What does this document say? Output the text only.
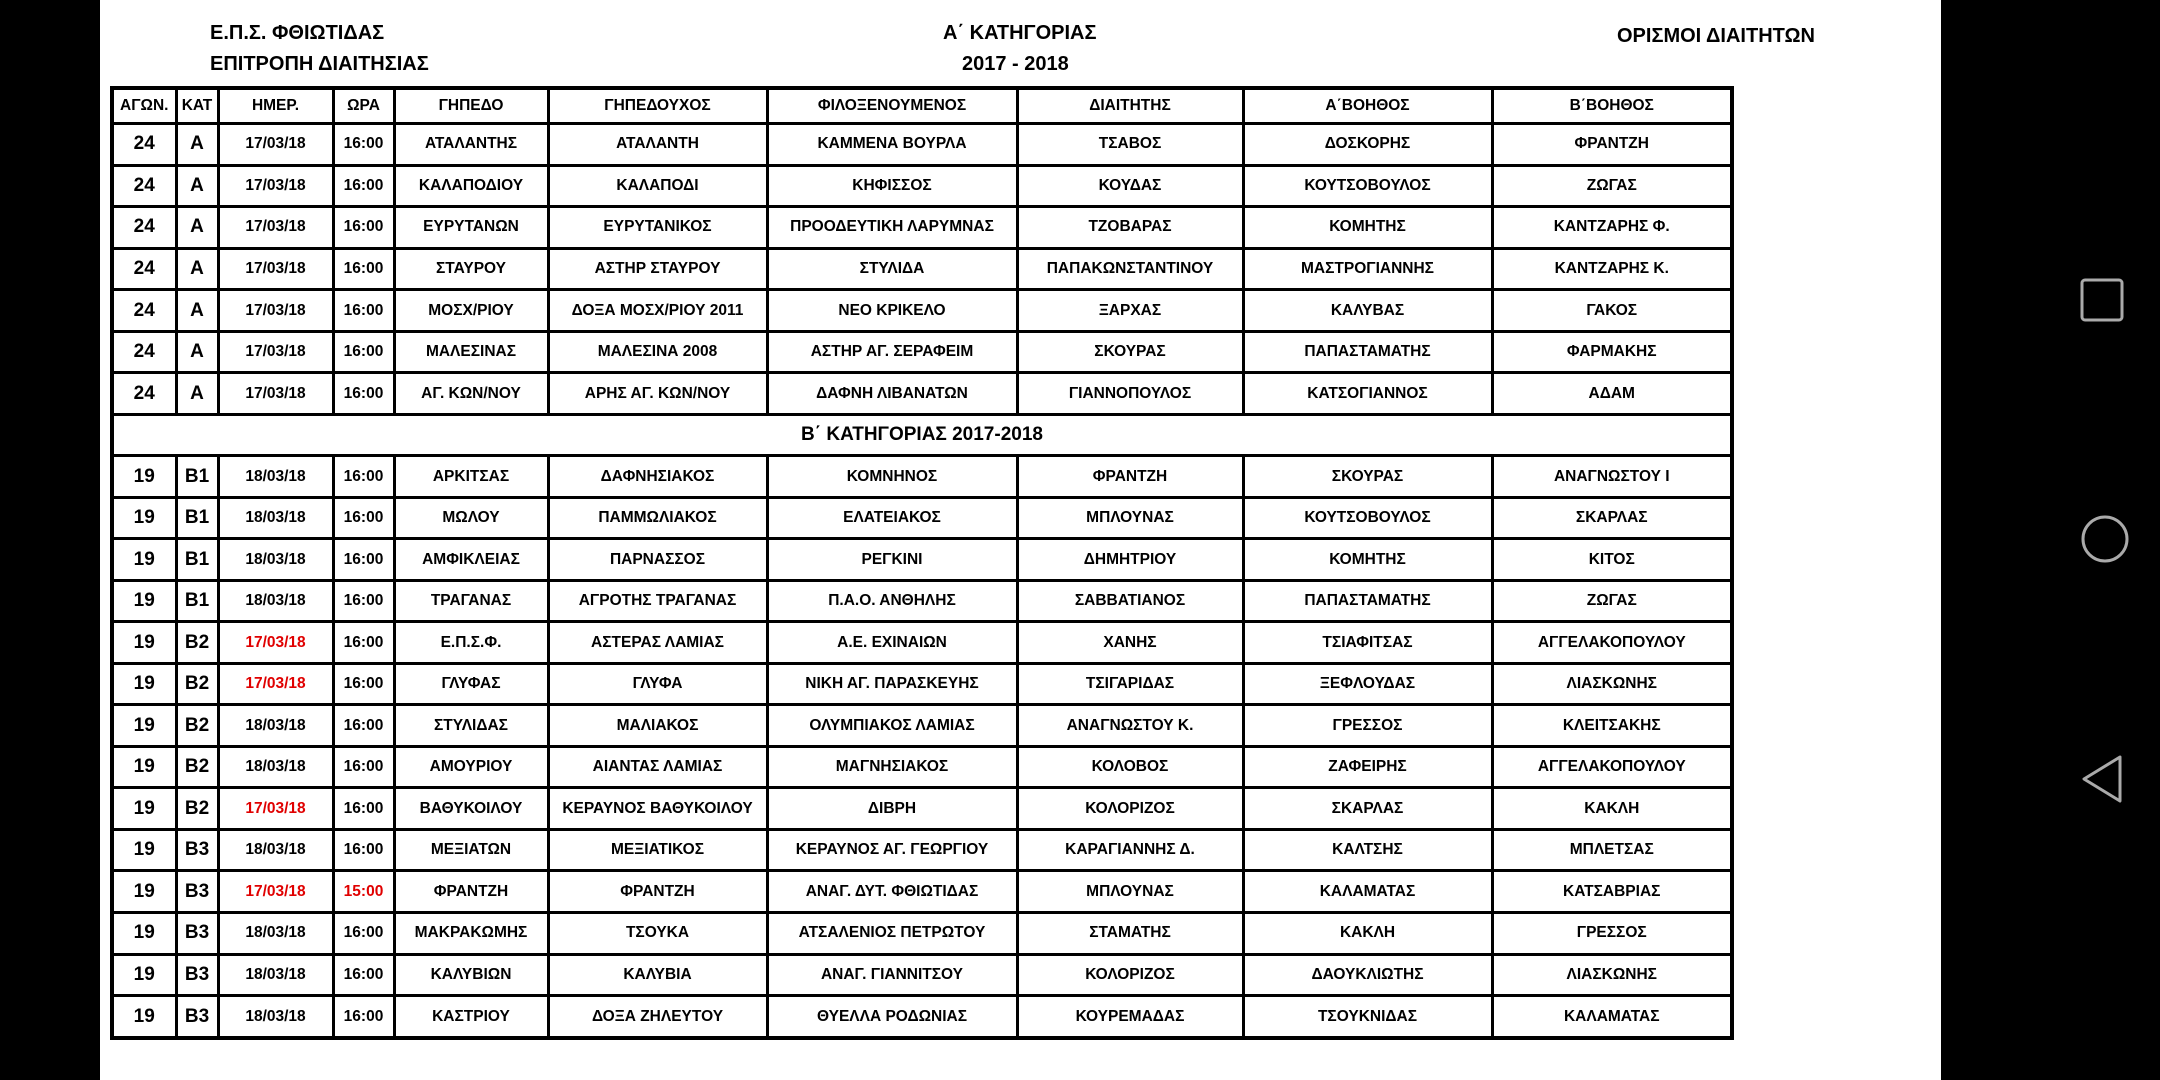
Ε.Π.Σ. ΦΘΙΩΤΙΔΑΣ
ΕΠΙΤΡΟΠΗ ΔΙΑΙΤΗΣΙΑΣ
Α΄ ΚΑΤΗΓΟΡΙΑΣ
2017 - 2018
ΟΡΙΣΜΟΙ ΔΙΑΙΤΗΤΩΝ
ΑΓΩΝ.	ΚΑΤ	ΗΜΕΡ.	ΩΡΑ	ΓΗΠΕΔΟ	ΓΗΠΕΔΟΥΧΟΣ	ΦΙΛΟΞΕΝΟΥΜΕΝΟΣ	ΔΙΑΙΤΗΤΗΣ	Α΄ΒΟΗΘΟΣ	Β΄ΒΟΗΘΟΣ
24	Α	17/03/18	16:00	ΑΤΑΛΑΝΤΗΣ	ΑΤΑΛΑΝΤΗ	ΚΑΜΜΕΝΑ ΒΟΥΡΛΑ	ΤΣΑΒΟΣ	ΔΟΣΚΟΡΗΣ	ΦΡΑΝΤΖΗ
24	Α	17/03/18	16:00	ΚΑΛΑΠΟΔΙΟΥ	ΚΑΛΑΠΟΔΙ	ΚΗΦΙΣΣΟΣ	ΚΟΥΔΑΣ	ΚΟΥΤΣΟΒΟΥΛΟΣ	ΖΩΓΑΣ
24	Α	17/03/18	16:00	ΕΥΡΥΤΑΝΩΝ	ΕΥΡΥΤΑΝΙΚΟΣ	ΠΡΟΟΔΕΥΤΙΚΗ ΛΑΡΥΜΝΑΣ	ΤΖΟΒΑΡΑΣ	ΚΟΜΗΤΗΣ	ΚΑΝΤΖΑΡΗΣ Φ.
24	Α	17/03/18	16:00	ΣΤΑΥΡΟΥ	ΑΣΤΗΡ ΣΤΑΥΡΟΥ	ΣΤΥΛΙΔΑ	ΠΑΠΑΚΩΝΣΤΑΝΤΙΝΟΥ	ΜΑΣΤΡΟΓΙΑΝΝΗΣ	ΚΑΝΤΖΑΡΗΣ Κ.
24	Α	17/03/18	16:00	ΜΟΣΧ/ΡΙΟΥ	ΔΟΞΑ ΜΟΣΧ/ΡΙΟΥ 2011	ΝΕΟ ΚΡΙΚΕΛΟ	ΞΑΡΧΑΣ	ΚΑΛΥΒΑΣ	ΓΑΚΟΣ
24	Α	17/03/18	16:00	ΜΑΛΕΣΙΝΑΣ	ΜΑΛΕΣΙΝΑ 2008	ΑΣΤΗΡ ΑΓ. ΣΕΡΑΦΕΙΜ	ΣΚΟΥΡΑΣ	ΠΑΠΑΣΤΑΜΑΤΗΣ	ΦΑΡΜΑΚΗΣ
24	Α	17/03/18	16:00	ΑΓ. ΚΩΝ/ΝΟΥ	ΑΡΗΣ ΑΓ. ΚΩΝ/ΝΟΥ	ΔΑΦΝΗ ΛΙΒΑΝΑΤΩΝ	ΓΙΑΝΝΟΠΟΥΛΟΣ	ΚΑΤΣΟΓΙΑΝΝΟΣ	ΑΔΑΜ
Β΄ ΚΑΤΗΓΟΡΙΑΣ 2017-2018									
19	Β1	18/03/18	16:00	ΑΡΚΙΤΣΑΣ	ΔΑΦΝΗΣΙΑΚΟΣ	ΚΟΜΝΗΝΟΣ	ΦΡΑΝΤΖΗ	ΣΚΟΥΡΑΣ	ΑΝΑΓΝΩΣΤΟΥ Ι
19	Β1	18/03/18	16:00	ΜΩΛΟΥ	ΠΑΜΜΩΛΙΑΚΟΣ	ΕΛΑΤΕΙΑΚΟΣ	ΜΠΛΟΥΝΑΣ	ΚΟΥΤΣΟΒΟΥΛΟΣ	ΣΚΑΡΛΑΣ
19	Β1	18/03/18	16:00	ΑΜΦΙΚΛΕΙΑΣ	ΠΑΡΝΑΣΣΟΣ	ΡΕΓΚΙΝΙ	ΔΗΜΗΤΡΙΟΥ	ΚΟΜΗΤΗΣ	ΚΙΤΟΣ
19	Β1	18/03/18	16:00	ΤΡΑΓΑΝΑΣ	ΑΓΡΟΤΗΣ ΤΡΑΓΑΝΑΣ	Π.Α.Ο. ΑΝΘΗΛΗΣ	ΣΑΒΒΑΤΙΑΝΟΣ	ΠΑΠΑΣΤΑΜΑΤΗΣ	ΖΩΓΑΣ
19	Β2	17/03/18	16:00	Ε.Π.Σ.Φ.	ΑΣΤΕΡΑΣ ΛΑΜΙΑΣ	Α.Ε. ΕΧΙΝΑΙΩΝ	ΧΑΝΗΣ	ΤΣΙΑΦΙΤΣΑΣ	ΑΓΓΕΛΑΚΟΠΟΥΛΟΥ
19	Β2	17/03/18	16:00	ΓΛΥΦΑΣ	ΓΛΥΦΑ	ΝΙΚΗ ΑΓ. ΠΑΡΑΣΚΕΥΗΣ	ΤΣΙΓΑΡΙΔΑΣ	ΞΕΦΛΟΥΔΑΣ	ΛΙΑΣΚΩΝΗΣ
19	Β2	18/03/18	16:00	ΣΤΥΛΙΔΑΣ	ΜΑΛΙΑΚΟΣ	ΟΛΥΜΠΙΑΚΟΣ ΛΑΜΙΑΣ	ΑΝΑΓΝΩΣΤΟΥ Κ.	ΓΡΕΣΣΟΣ	ΚΛΕΙΤΣΑΚΗΣ
19	Β2	18/03/18	16:00	ΑΜΟΥΡΙΟΥ	ΑΙΑΝΤΑΣ ΛΑΜΙΑΣ	ΜΑΓΝΗΣΙΑΚΟΣ	ΚΟΛΟΒΟΣ	ΖΑΦΕΙΡΗΣ	ΑΓΓΕΛΑΚΟΠΟΥΛΟΥ
19	Β2	17/03/18	16:00	ΒΑΘΥΚΟΙΛΟΥ	ΚΕΡΑΥΝΟΣ ΒΑΘΥΚΟΙΛΟΥ	ΔΙΒΡΗ	ΚΟΛΟΡΙΖΟΣ	ΣΚΑΡΛΑΣ	ΚΑΚΛΗ
19	Β3	18/03/18	16:00	ΜΕΞΙΑΤΩΝ	ΜΕΞΙΑΤΙΚΟΣ	ΚΕΡΑΥΝΟΣ ΑΓ. ΓΕΩΡΓΙΟΥ	ΚΑΡΑΓΙΑΝΝΗΣ Δ.	ΚΑΛΤΣΗΣ	ΜΠΛΕΤΣΑΣ
19	Β3	17/03/18	15:00	ΦΡΑΝΤΖΗ	ΦΡΑΝΤΖΗ	ΑΝΑΓ. ΔΥΤ. ΦΘΙΩΤΙΔΑΣ	ΜΠΛΟΥΝΑΣ	ΚΑΛΑΜΑΤΑΣ	ΚΑΤΣΑΒΡΙΑΣ
19	Β3	18/03/18	16:00	ΜΑΚΡΑΚΩΜΗΣ	ΤΣΟΥΚΑ	ΑΤΣΑΛΕΝΙΟΣ ΠΕΤΡΩΤΟΥ	ΣΤΑΜΑΤΗΣ	ΚΑΚΛΗ	ΓΡΕΣΣΟΣ
19	Β3	18/03/18	16:00	ΚΑΛΥΒΙΩΝ	ΚΑΛΥΒΙΑ	ΑΝΑΓ. ΓΙΑΝΝΙΤΣΟΥ	ΚΟΛΟΡΙΖΟΣ	ΔΑΟΥΚΛΙΩΤΗΣ	ΛΙΑΣΚΩΝΗΣ
19	Β3	18/03/18	16:00	ΚΑΣΤΡΙΟΥ	ΔΟΞΑ ΖΗΛΕΥΤΟΥ	ΘΥΕΛΛΑ ΡΟΔΩΝΙΑΣ	ΚΟΥΡΕΜΑΔΑΣ	ΤΣΟΥΚΝΙΔΑΣ	ΚΑΛΑΜΑΤΑΣ
